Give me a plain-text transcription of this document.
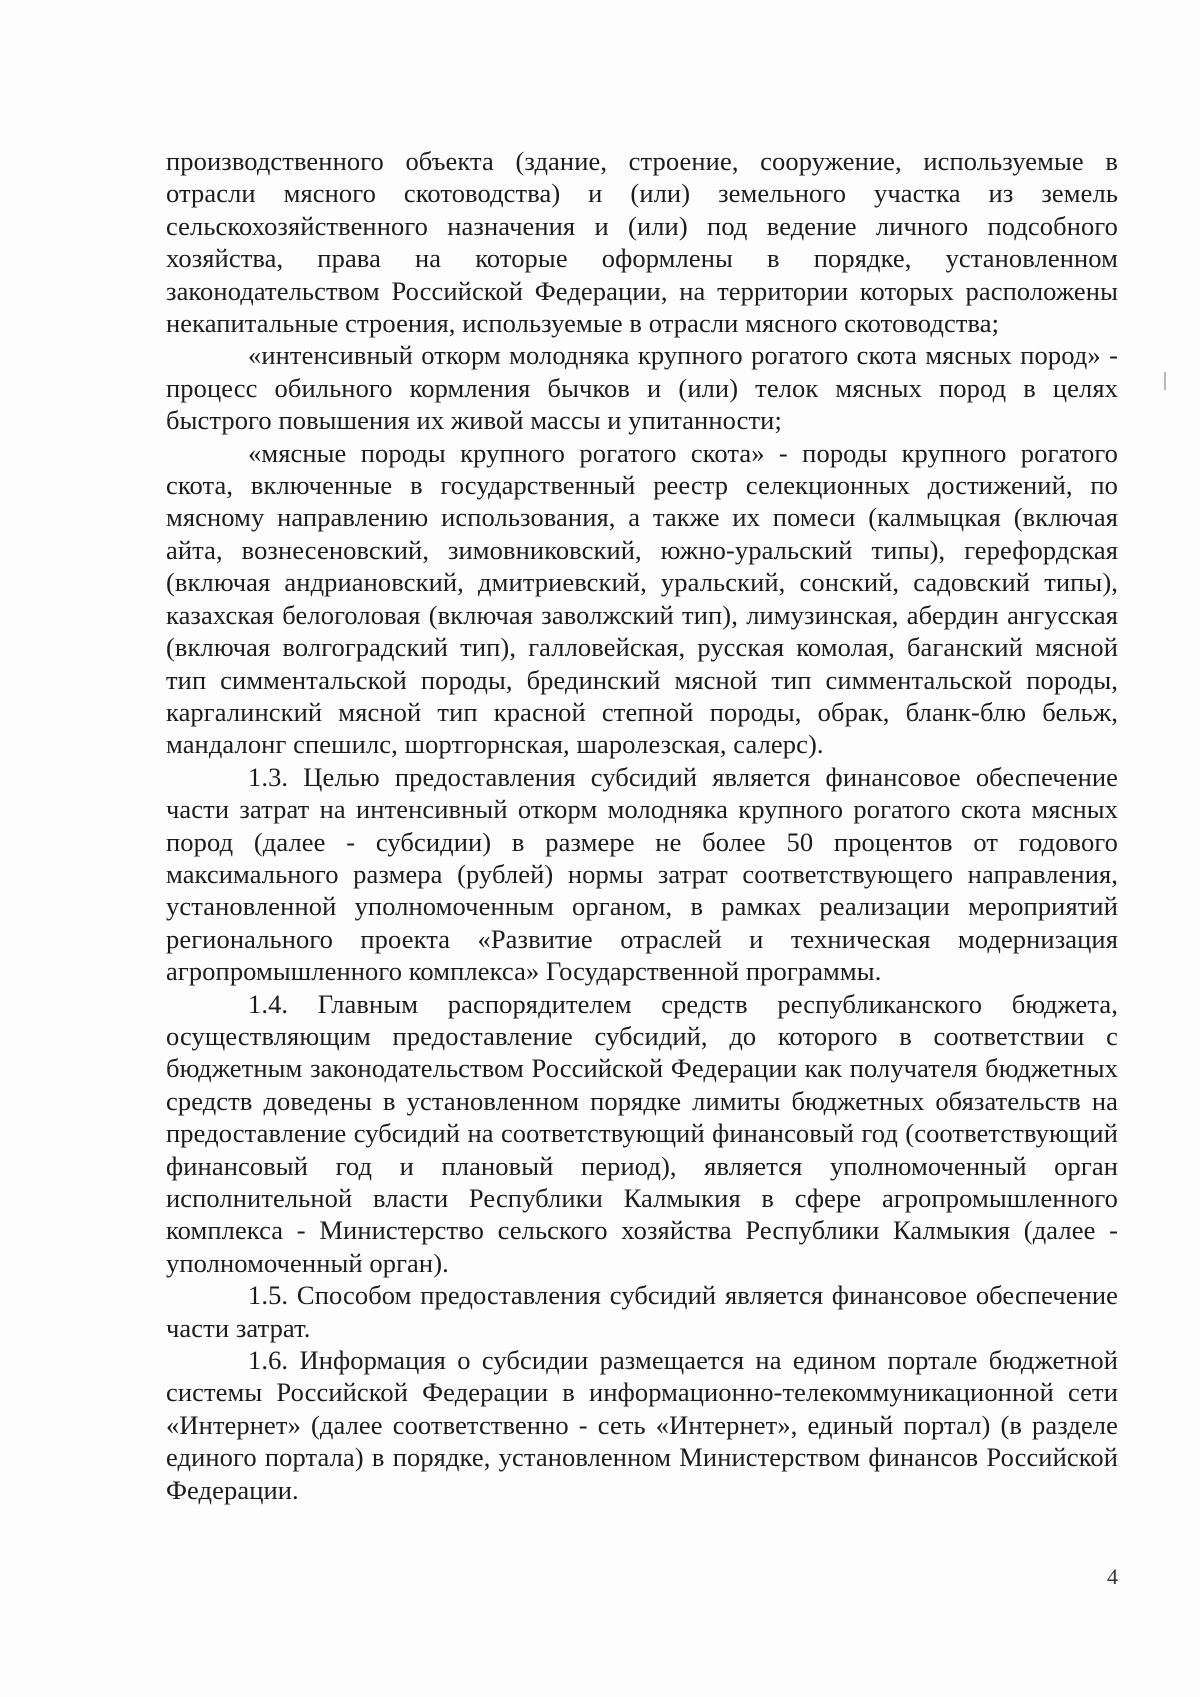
производственного объекта (здание, строение, сооружение, используемые в отрасли мясного скотоводства) и (или) земельного участка из земель сельскохозяйственного назначения и (или) под ведение личного подсобного хозяйства, права на которые оформлены в порядке, установленном законодательством Российской Федерации, на территории которых расположены некапитальные строения, используемые в отрасли мясного скотоводства;

«интенсивный откорм молодняка крупного рогатого скота мясных пород» - процесс обильного кормления бычков и (или) телок мясных пород в целях быстрого повышения их живой массы и упитанности;

«мясные породы крупного рогатого скота» - породы крупного рогатого скота, включенные в государственный реестр селекционных достижений, по мясному направлению использования, а также их помеси (калмыцкая (включая айта, вознесеновский, зимовниковский, южно-уральский типы), герефордская (включая андриановский, дмитриевский, уральский, сонский, садовский типы), казахская белоголовая (включая заволжский тип), лимузинская, абердин ангусская (включая волгоградский тип), галловейская, русская комолая, баганский мясной тип симментальской породы, брединский мясной тип симментальской породы, каргалинский мясной тип красной степной породы, обрак, бланк-блю бельж, мандалонг спешилс, шортгорнская, шаролезская, салерс).

1.3. Целью предоставления субсидий является финансовое обеспечение части затрат на интенсивный откорм молодняка крупного рогатого скота мясных пород (далее - субсидии) в размере не более 50 процентов от годового максимального размера (рублей) нормы затрат соответствующего направления, установленной уполномоченным органом, в рамках реализации мероприятий регионального проекта «Развитие отраслей и техническая модернизация агропромышленного комплекса» Государственной программы.

1.4. Главным распорядителем средств республиканского бюджета, осуществляющим предоставление субсидий, до которого в соответствии с бюджетным законодательством Российской Федерации как получателя бюджетных средств доведены в установленном порядке лимиты бюджетных обязательств на предоставление субсидий на соответствующий финансовый год (соответствующий финансовый год и плановый период), является уполномоченный орган исполнительной власти Республики Калмыкия в сфере агропромышленного комплекса - Министерство сельского хозяйства Республики Калмыкия (далее - уполномоченный орган).

1.5. Способом предоставления субсидий является финансовое обеспечение части затрат.

1.6. Информация о субсидии размещается на едином портале бюджетной системы Российской Федерации в информационно-телекоммуникационной сети «Интернет» (далее соответственно - сеть «Интернет», единый портал) (в разделе единого портала) в порядке, установленном Министерством финансов Российской Федерации.

4
